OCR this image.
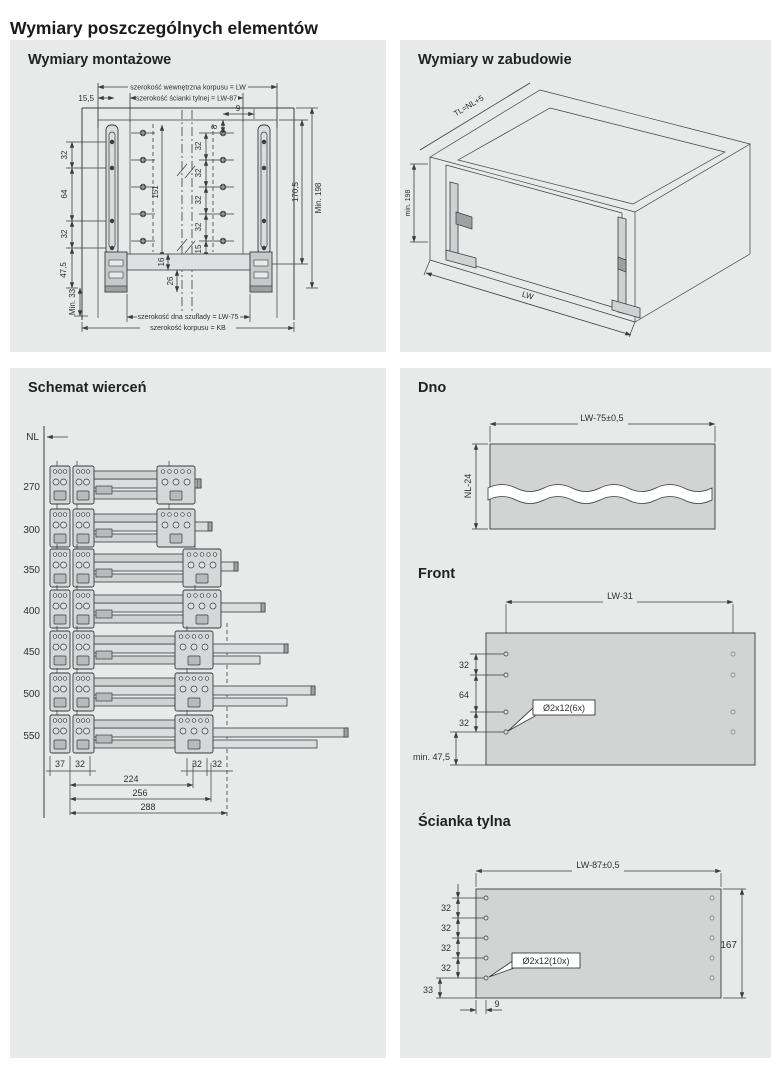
Wymiary poszczególnych elementów
Wymiary montażowe
szerokość wewnętrzna korpusu = LW
szerokość ścianki tylnej = LW-87
15,5
32
64
32
47,5
Min. 33
151
8
9
32
32
32
32
15
170,5 Min. 198
16
26
szerokość dna szuflady = LW-75
szerokość korpusu = KB
Wymiary w zabudowie
TL=NL+5
min. 198
LW
Schemat wierceń
NL
270
300
350
400
450
500
550
37 32	32 32
224
256
288
Dno
LW-75±0,5
NL-24
Front
LW-31
32
64
32
min. 47,5
Ø2x12(6x)
Ścianka tylna
LW-87±0,5
32
32
32
32
33
167
9
Ø2x12(10x)
